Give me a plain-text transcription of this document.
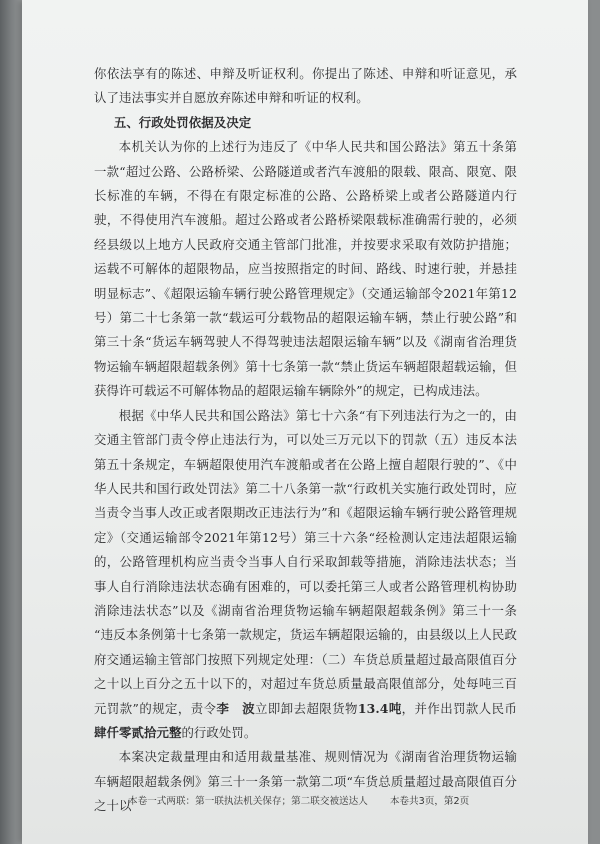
你依法享有的陈述、申辩及听证权利。你提出了陈述、申辩和听证意见，承认了违法事实并自愿放弃陈述申辩和听证的权利。

五、行政处罚依据及决定

本机关认为你的上述行为违反了《中华人民共和国公路法》第五十条第一款“超过公路、公路桥梁、公路隧道或者汽车渡船的限载、限高、限宽、限长标准的车辆，不得在有限定标准的公路、公路桥梁上或者公路隧道内行驶，不得使用汽车渡船。超过公路或者公路桥梁限载标准确需行驶的，必须经县级以上地方人民政府交通主管部门批准，并按要求采取有效防护措施；运载不可解体的超限物品，应当按照指定的时间、路线、时速行驶，并悬挂明显标志”、《超限运输车辆行驶公路管理规定》（交通运输部令2021年第12号）第二十七条第一款“载运可分载物品的超限运输车辆，禁止行驶公路”和第三十条“货运车辆驾驶人不得驾驶违法超限运输车辆”以及《湖南省治理货物运输车辆超限超载条例》第十七条第一款“禁止货运车辆超限超载运输，但获得许可载运不可解体物品的超限运输车辆除外”的规定，已构成违法。

根据《中华人民共和国公路法》第七十六条“有下列违法行为之一的，由交通主管部门责令停止违法行为，可以处三万元以下的罚款（五）违反本法第五十条规定，车辆超限使用汽车渡船或者在公路上擅自超限行驶的”、《中华人民共和国行政处罚法》第二十八条第一款“行政机关实施行政处罚时，应当责令当事人改正或者限期改正违法行为”和《超限运输车辆行驶公路管理规定》（交通运输部令2021年第12号）第三十六条“经检测认定违法超限运输的，公路管理机构应当责令当事人自行采取卸载等措施，消除违法状态；当事人自行消除违法状态确有困难的，可以委托第三人或者公路管理机构协助消除违法状态”以及《湖南省治理货物运输车辆超限超载条例》第三十一条 “违反本条例第十七条第一款规定，货运车辆超限运输的，由县级以上人民政府交通运输主管部门按照下列规定处理：（二）车货总质量超过最高限值百分之十以上百分之五十以下的，对超过车货总质量最高限值部分，处每吨三百元罚款”的规定，责令李　波立即卸去超限货物13.4吨，并作出罚款人民币肆仟零贰拾元整的行政处罚。

本案决定裁量理由和适用裁量基准、规则情况为《湖南省治理货物运输车辆超限超载条例》第三十一条第一款第二项“车货总质量超过最高限值百分之十以

本卷一式两联：第一联执法机关保存；第二联交被送达人 本卷共3页，第2页
